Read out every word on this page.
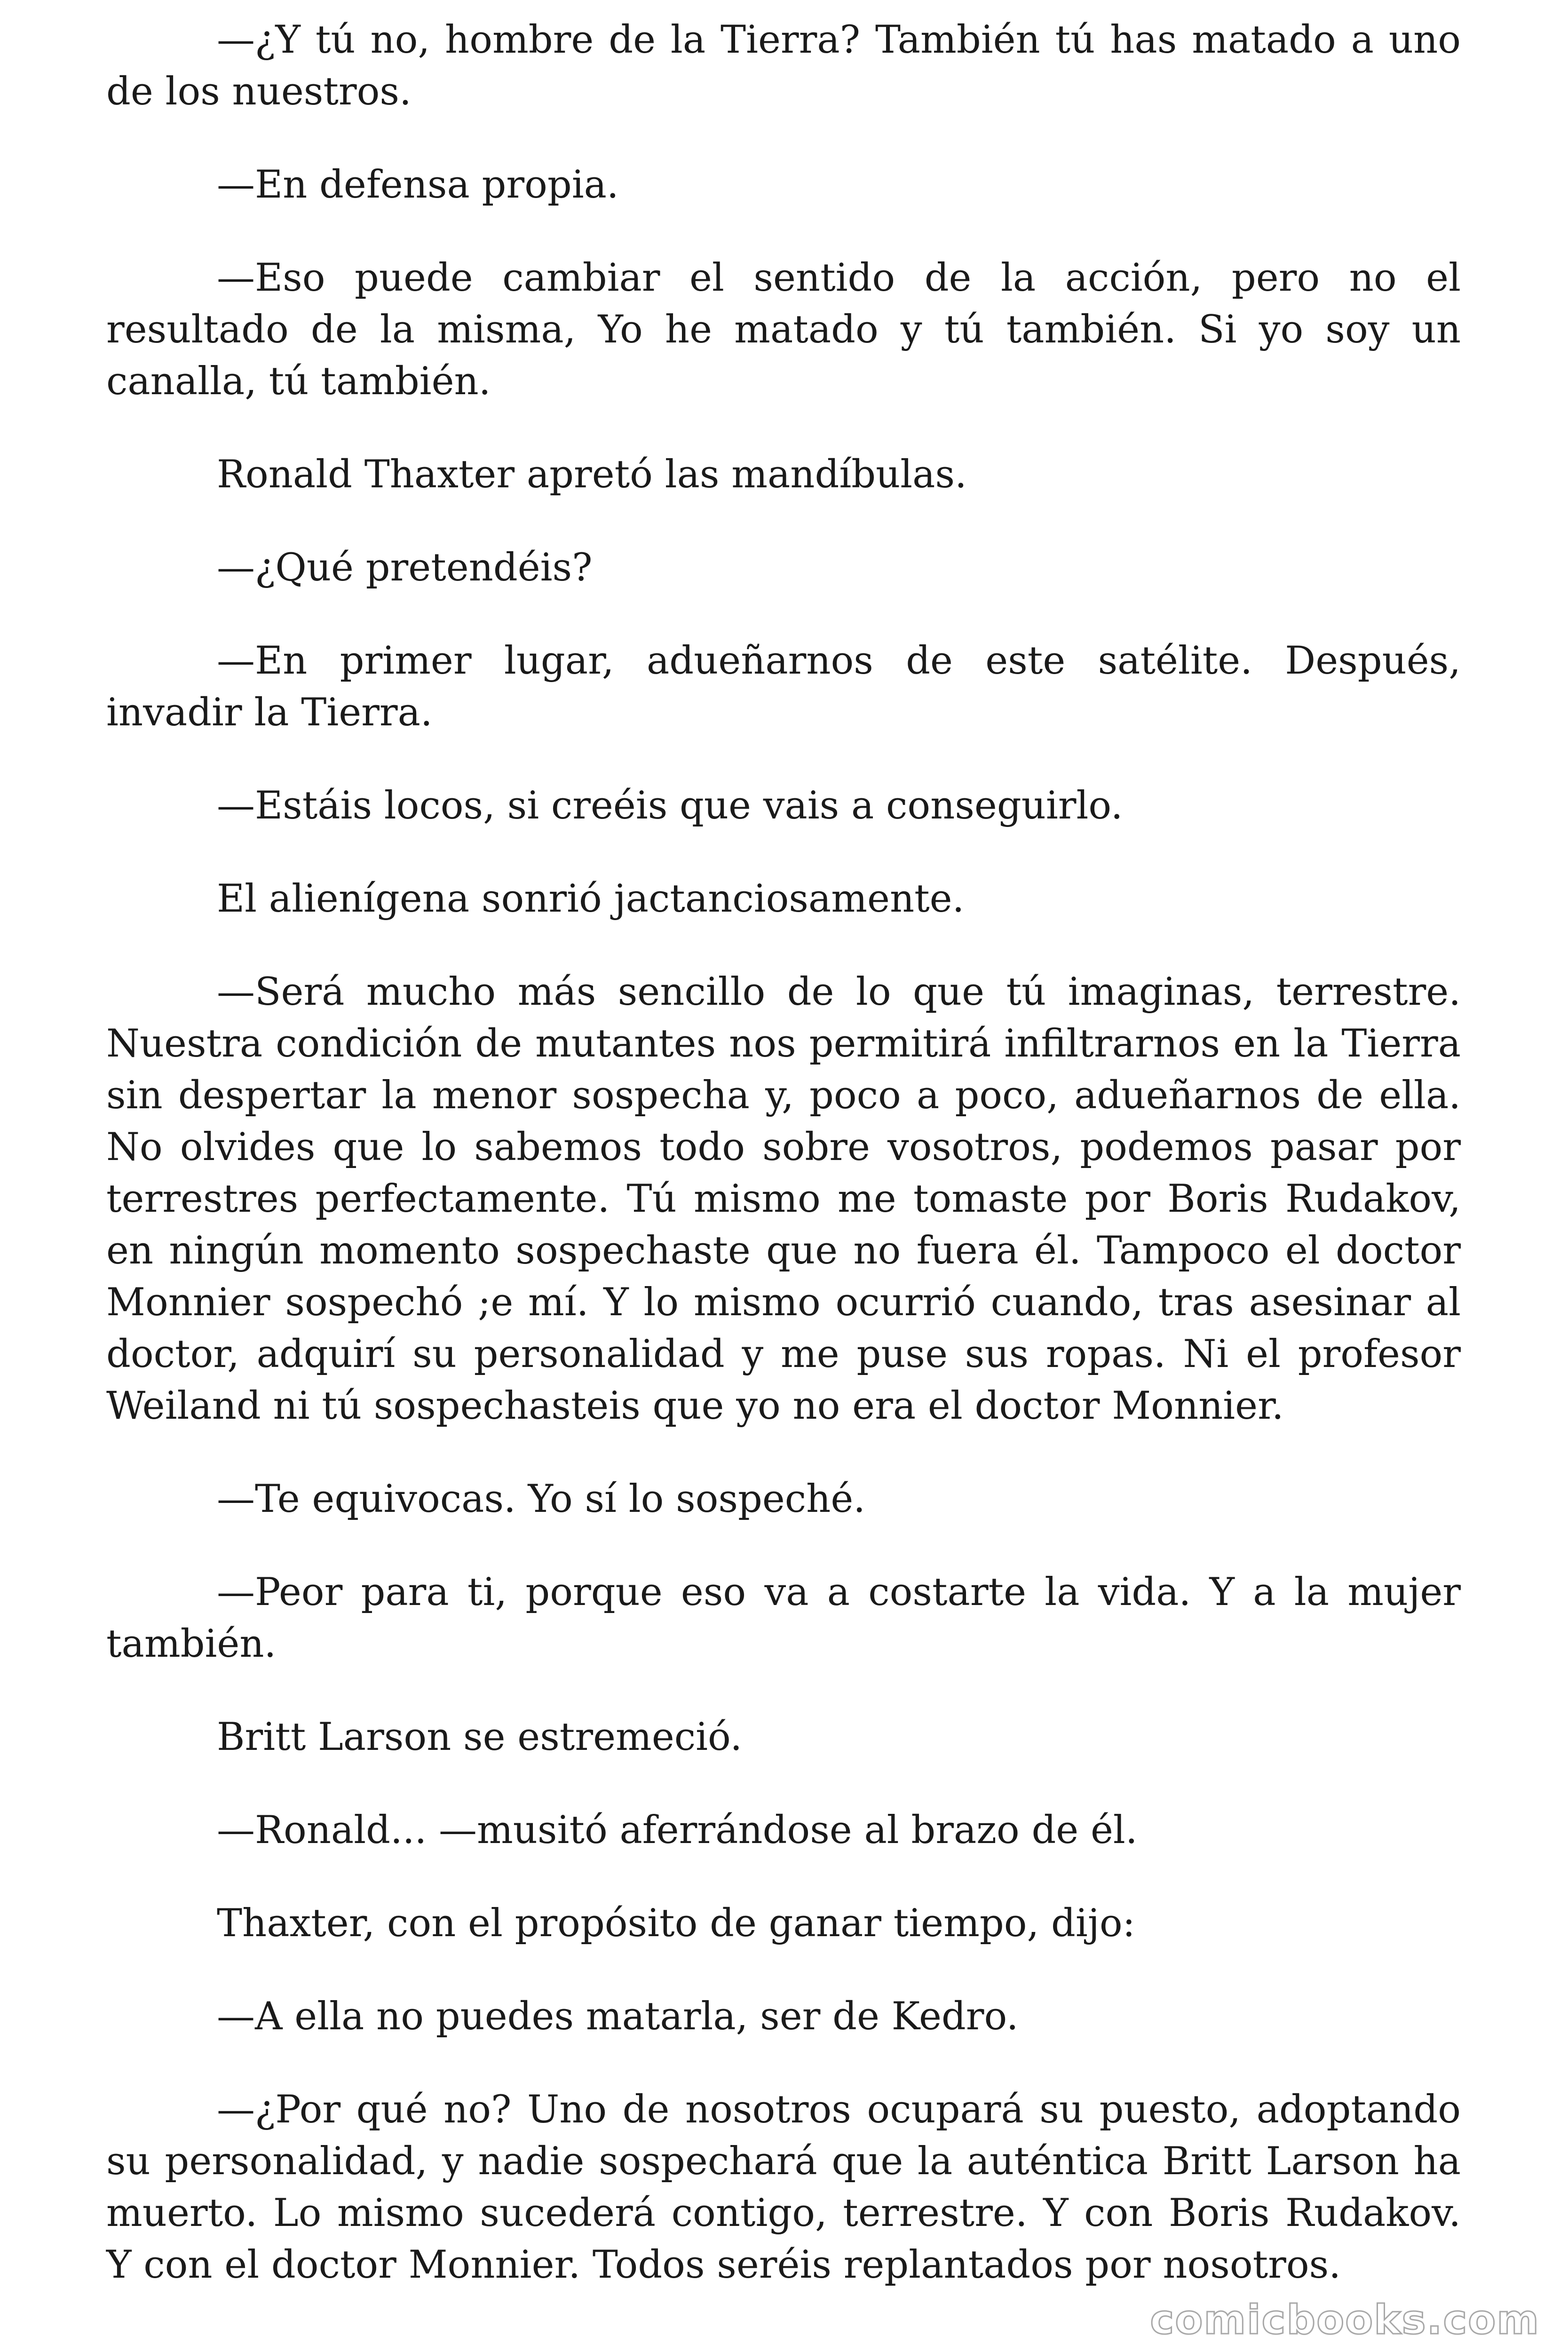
—¿Y tú no, hombre de la Tierra? También tú has matado a uno de los nuestros.

—En defensa propia.

—Eso puede cambiar el sentido de la acción, pero no el resultado de la misma, Yo he matado y tú también. Si yo soy un canalla, tú también.

Ronald Thaxter apretó las mandíbulas.

—¿Qué pretendéis?

—En primer lugar, adueñarnos de este satélite. Después, invadir la Tierra.

—Estáis locos, si creéis que vais a conseguirlo.

El alienígena sonrió jactanciosamente.

—Será mucho más sencillo de lo que tú imaginas, terrestre. Nuestra condición de mutantes nos permitirá infiltrarnos en la Tierra sin despertar la menor sospecha y, poco a poco, adueñarnos de ella. No olvides que lo sabemos todo sobre vosotros, podemos pasar por terrestres perfectamente. Tú mismo me tomaste por Boris Rudakov, en ningún momento sospechaste que no fuera él. Tampoco el doctor Monnier sospechó ;e mí. Y lo mismo ocurrió cuando, tras asesinar al doctor, adquirí su personalidad y me puse sus ropas. Ni el profesor Weiland ni tú sospechasteis que yo no era el doctor Monnier.

—Te equivocas. Yo sí lo sospeché.

—Peor para ti, porque eso va a costarte la vida. Y a la mujer también.

Britt Larson se estremeció.

—Ronald... —musitó aferrándose al brazo de él.

Thaxter, con el propósito de ganar tiempo, dijo:

—A ella no puedes matarla, ser de Kedro.

—¿Por qué no? Uno de nosotros ocupará su puesto, adoptando su personalidad, y nadie sospechará que la auténtica Britt Larson ha muerto. Lo mismo sucederá contigo, terrestre. Y con Boris Rudakov. Y con el doctor Monnier. Todos seréis replantados por nosotros.

comicbooks.com
